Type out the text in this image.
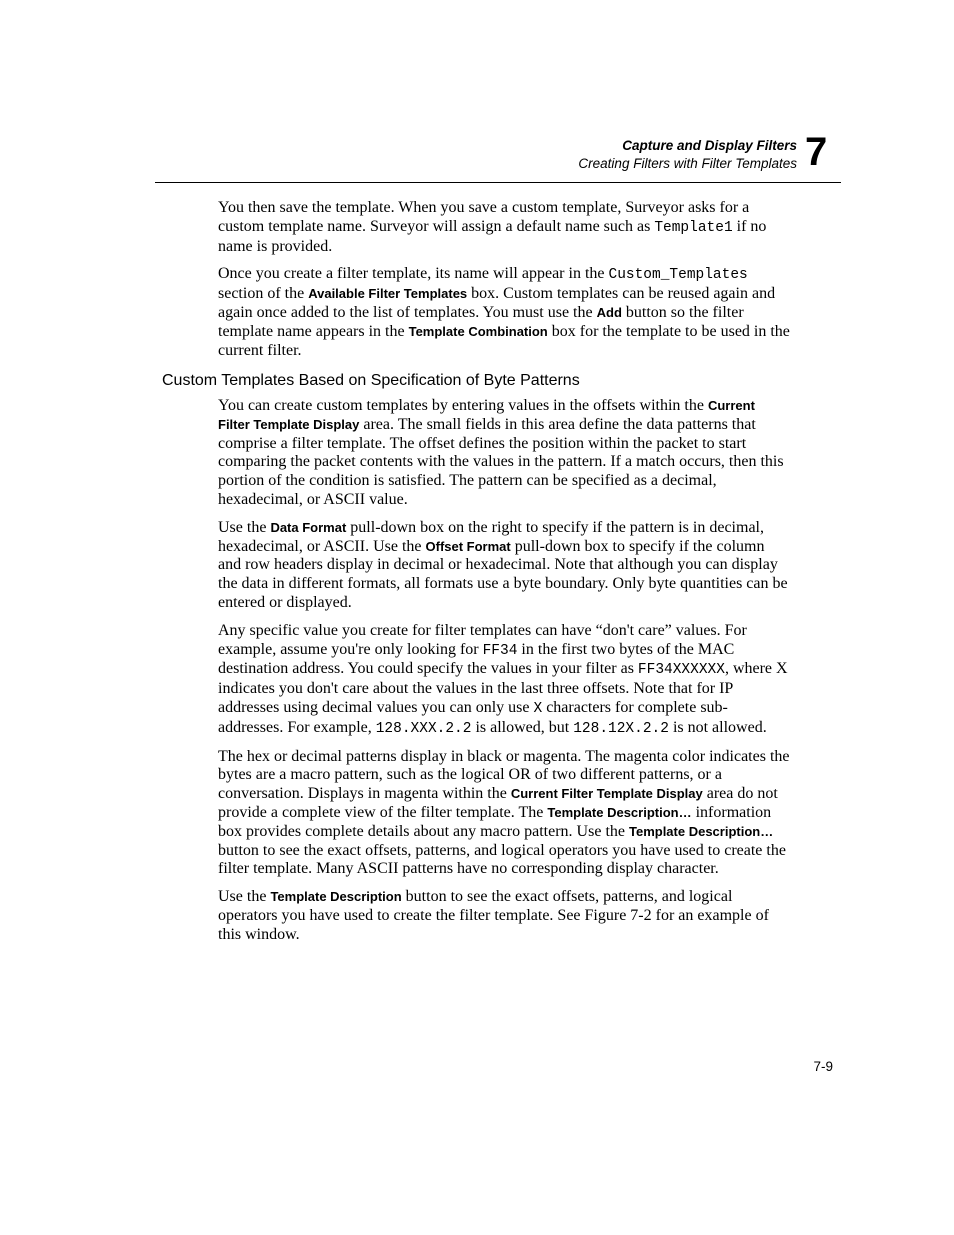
Capture and Display Filters
Creating Filters with Filter Templates 7

You then save the template. When you save a custom template, Surveyor asks for a custom template name. Surveyor will assign a default name such as Template1 if no name is provided.

Once you create a filter template, its name will appear in the Custom_Templates section of the Available Filter Templates box. Custom templates can be reused again and again once added to the list of templates. You must use the Add button so the filter template name appears in the Template Combination box for the template to be used in the current filter.

Custom Templates Based on Specification of Byte Patterns

You can create custom templates by entering values in the offsets within the Current Filter Template Display area. The small fields in this area define the data patterns that comprise a filter template. The offset defines the position within the packet to start comparing the packet contents with the values in the pattern. If a match occurs, then this portion of the condition is satisfied. The pattern can be specified as a decimal, hexadecimal, or ASCII value.

Use the Data Format pull-down box on the right to specify if the pattern is in decimal, hexadecimal, or ASCII. Use the Offset Format pull-down box to specify if the column and row headers display in decimal or hexadecimal. Note that although you can display the data in different formats, all formats use a byte boundary. Only byte quantities can be entered or displayed.

Any specific value you create for filter templates can have “don't care” values. For example, assume you're only looking for FF34 in the first two bytes of the MAC destination address. You could specify the values in your filter as FF34XXXXXX, where X indicates you don't care about the values in the last three offsets. Note that for IP addresses using decimal values you can only use X characters for complete sub-addresses. For example, 128.XXX.2.2 is allowed, but 128.12X.2.2 is not allowed.

The hex or decimal patterns display in black or magenta. The magenta color indicates the bytes are a macro pattern, such as the logical OR of two different patterns, or a conversation. Displays in magenta within the Current Filter Template Display area do not provide a complete view of the filter template. The Template Description… information box provides complete details about any macro pattern. Use the Template Description… button to see the exact offsets, patterns, and logical operators you have used to create the filter template. Many ASCII patterns have no corresponding display character.

Use the Template Description button to see the exact offsets, patterns, and logical operators you have used to create the filter template. See Figure 7-2 for an example of this window.

7-9
